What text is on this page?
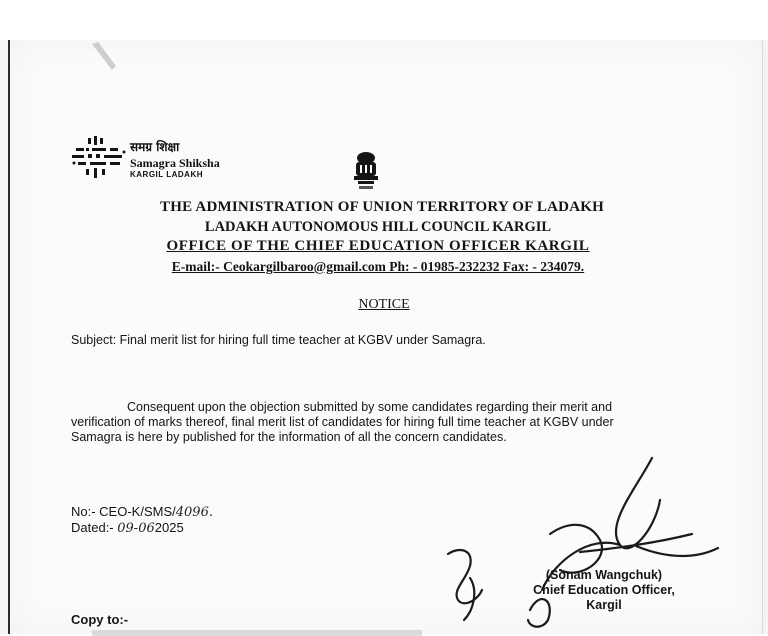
समग्र शिक्षा
Samagra Shiksha
KARGIL LADAKH
THE ADMINISTRATION OF UNION TERRITORY OF LADAKH
LADAKH AUTONOMOUS HILL COUNCIL KARGIL
OFFICE OF THE CHIEF EDUCATION OFFICER KARGIL
E-mail:- Ceokargilbaroo@gmail.com Ph: - 01985-232232 Fax: - 234079.
NOTICE
Subject: Final merit list for hiring full time teacher at KGBV under Samagra.
Consequent upon the objection submitted by some candidates regarding their merit and
verification of marks thereof, final merit list of candidates for hiring full time teacher at KGBV under
Samagra is here by published for the information of all the concern candidates.
No:- CEO-K/SMS/4096.
Dated:- 09-062025
(Sonam Wangchuk)
Chief Education Officer,
Kargil
Copy to:-
